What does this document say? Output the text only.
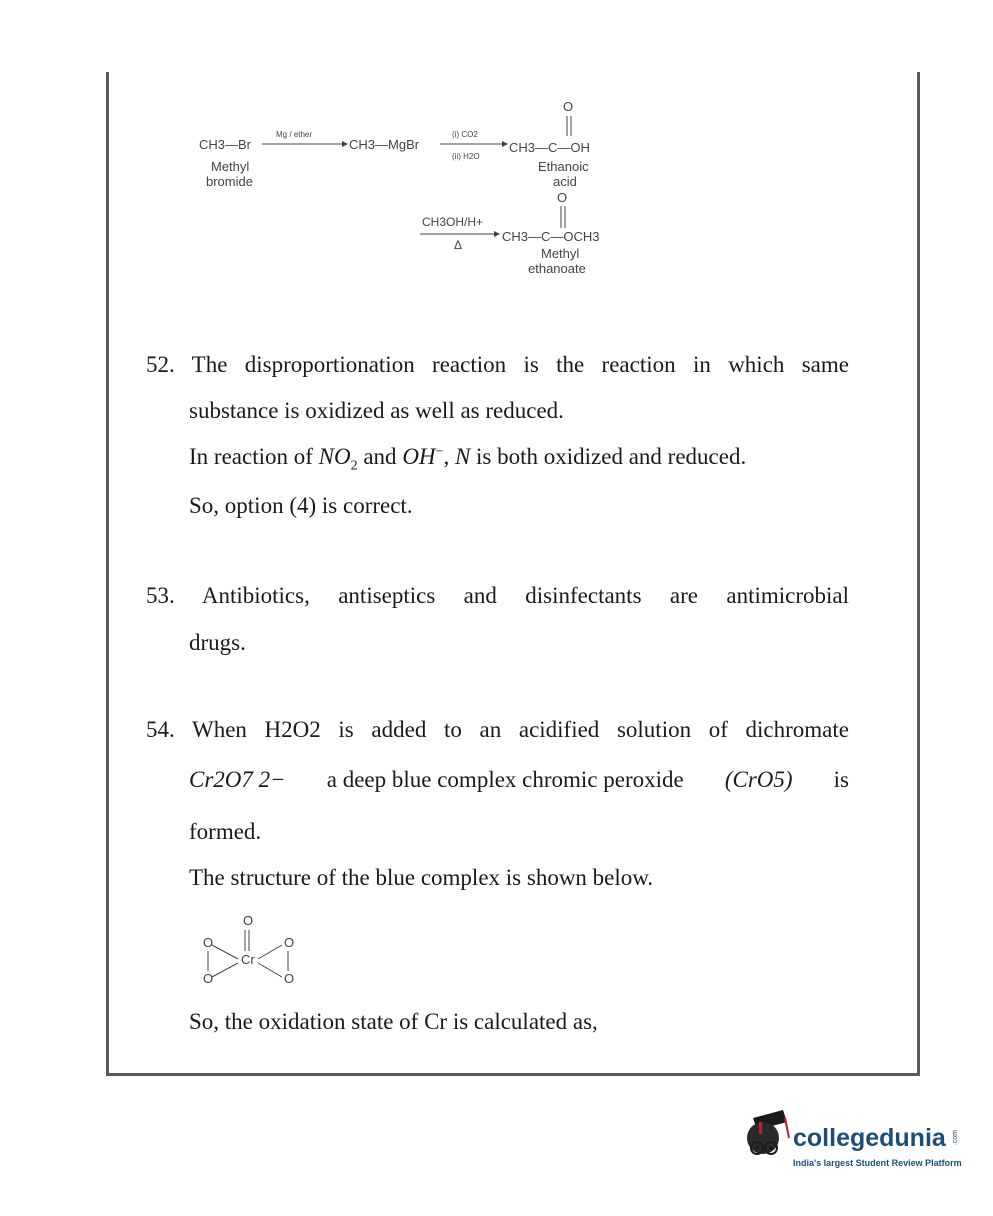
CH3—Br
Mg / ether
CH3—MgBr
(i) CO2
(ii) H2O
O
CH3—C—OH
Methyl
bromide
Ethanoic
acid
O
CH3OH/H+
Δ
CH3—C—OCH3
Methyl
ethanoate
52. The disproportionation reaction is the reaction in which same
substance is oxidized as well as reduced.
In reaction of $NO_2$ and OH−, N is both oxidized and reduced.
So, option (4) is correct.
53. Antibiotics, antiseptics and disinfectants are antimicrobial
drugs.
54. When H2O2 is added to an acidified solution of dichromate
Cr2O7 2− a deep blue complex chromic peroxide (CrO5) is
formed.
The structure of the blue complex is shown below.
O
O
O
O
O
Cr
So, the oxidation state of Cr is calculated as,
collegedunia .com
India's largest Student Review Platform
